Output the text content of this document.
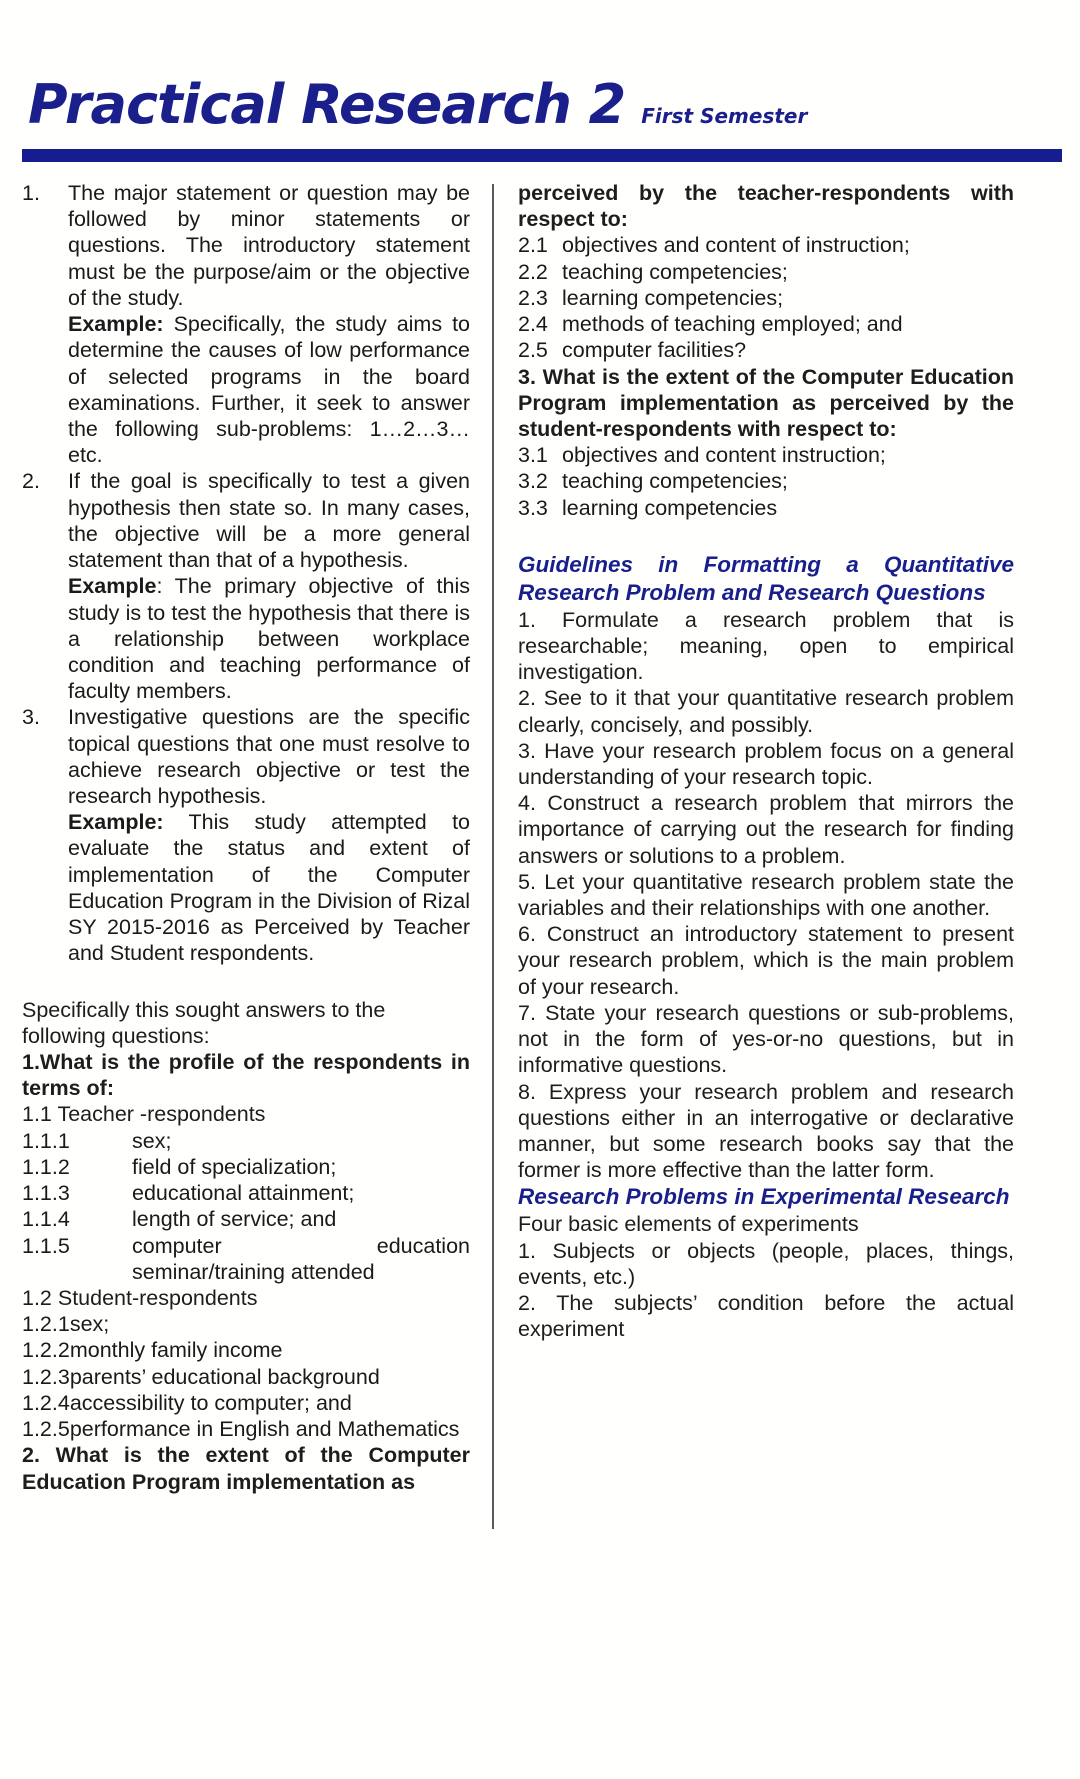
Practical Research 2 First Semester
1.	The major statement or question may be followed by minor statements or questions. The introductory statement must be the purpose/aim or the objective of the study.
Example: Specifically, the study aims to determine the causes of low performance of selected programs in the board examinations. Further, it seek to answer the following sub-problems: 1…2…3…etc.
2.	If the goal is specifically to test a given hypothesis then state so. In many cases, the objective will be a more general statement than that of a hypothesis.
Example: The primary objective of this study is to test the hypothesis that there is a relationship between workplace condition and teaching performance of faculty members.
3.	Investigative questions are the specific topical questions that one must resolve to achieve research objective or test the research hypothesis.
Example: This study attempted to evaluate the status and extent of implementation of the Computer Education Program in the Division of Rizal SY 2015-2016 as Perceived by Teacher and Student respondents.

Specifically this sought answers to the following questions:

1.What is the profile of the respondents in terms of:

1.1 Teacher -respondents

1.1.1	sex;
1.1.2	field of specialization;
1.1.3	educational attainment;
1.1.4	length of service; and
1.1.5	computer education seminar/training attended

1.2 Student-respondents

1.2.1 sex;
1.2.2 monthly family income
1.2.3 parents’ educational background
1.2.4 accessibility to computer; and
1.2.5 performance in English and Mathematics

2. What is the extent of the Computer Education Program implementation as

perceived by the teacher-respondents with respect to:

2.1 objectives and content of instruction;
2.2 teaching competencies;
2.3 learning competencies;
2.4 methods of teaching employed; and
2.5 computer facilities?

3. What is the extent of the Computer Education Program implementation as perceived by the student-respondents with respect to:

3.1 objectives and content instruction;
3.2 teaching competencies;
3.3 learning competencies

Guidelines in Formatting a Quantitative Research Problem and Research Questions

1. Formulate a research problem that is researchable; meaning, open to empirical investigation.

2. See to it that your quantitative research problem clearly, concisely, and possibly.

3. Have your research problem focus on a general understanding of your research topic.

4. Construct a research problem that mirrors the importance of carrying out the research for finding answers or solutions to a problem.

5. Let your quantitative research problem state the variables and their relationships with one another.

6. Construct an introductory statement to present your research problem, which is the main problem of your research.

7. State your research questions or sub-problems, not in the form of yes-or-no questions, but in informative questions.

8. Express your research problem and research questions either in an interrogative or declarative manner, but some research books say that the former is more effective than the latter form.

Research Problems in Experimental Research

Four basic elements of experiments

1. Subjects or objects (people, places, things, events, etc.)

2. The subjects’ condition before the actual experiment
